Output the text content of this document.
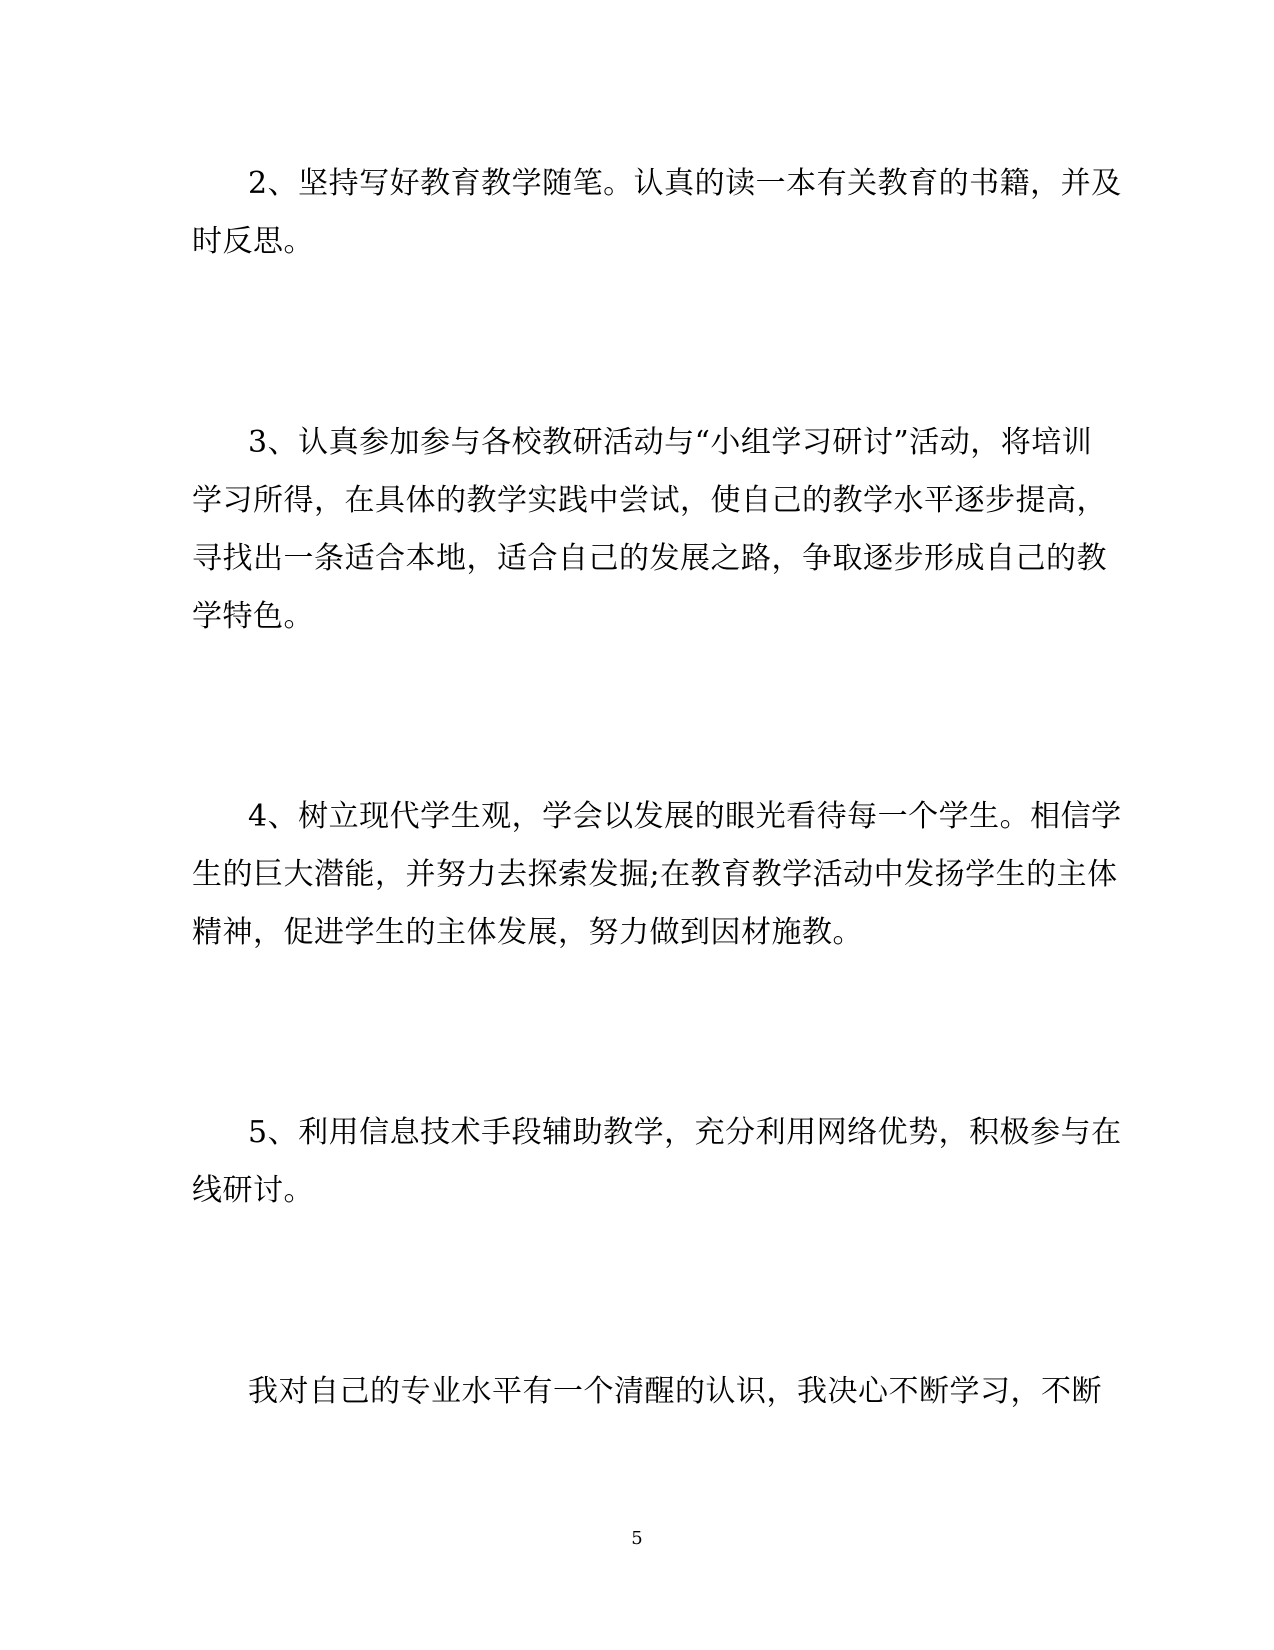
2、坚持写好教育教学随笔。认真的读一本有关教育的书籍，并及
时反思。
3、认真参加参与各校教研活动与“小组学习研讨”活动，将培训
学习所得，在具体的教学实践中尝试，使自己的教学水平逐步提高，
寻找出一条适合本地，适合自己的发展之路，争取逐步形成自己的教
学特色。
4、树立现代学生观，学会以发展的眼光看待每一个学生。相信学
生的巨大潜能，并努力去探索发掘;在教育教学活动中发扬学生的主体
精神，促进学生的主体发展，努力做到因材施教。
5、利用信息技术手段辅助教学，充分利用网络优势，积极参与在
线研讨。
我对自己的专业水平有一个清醒的认识，我决心不断学习，不断
5
